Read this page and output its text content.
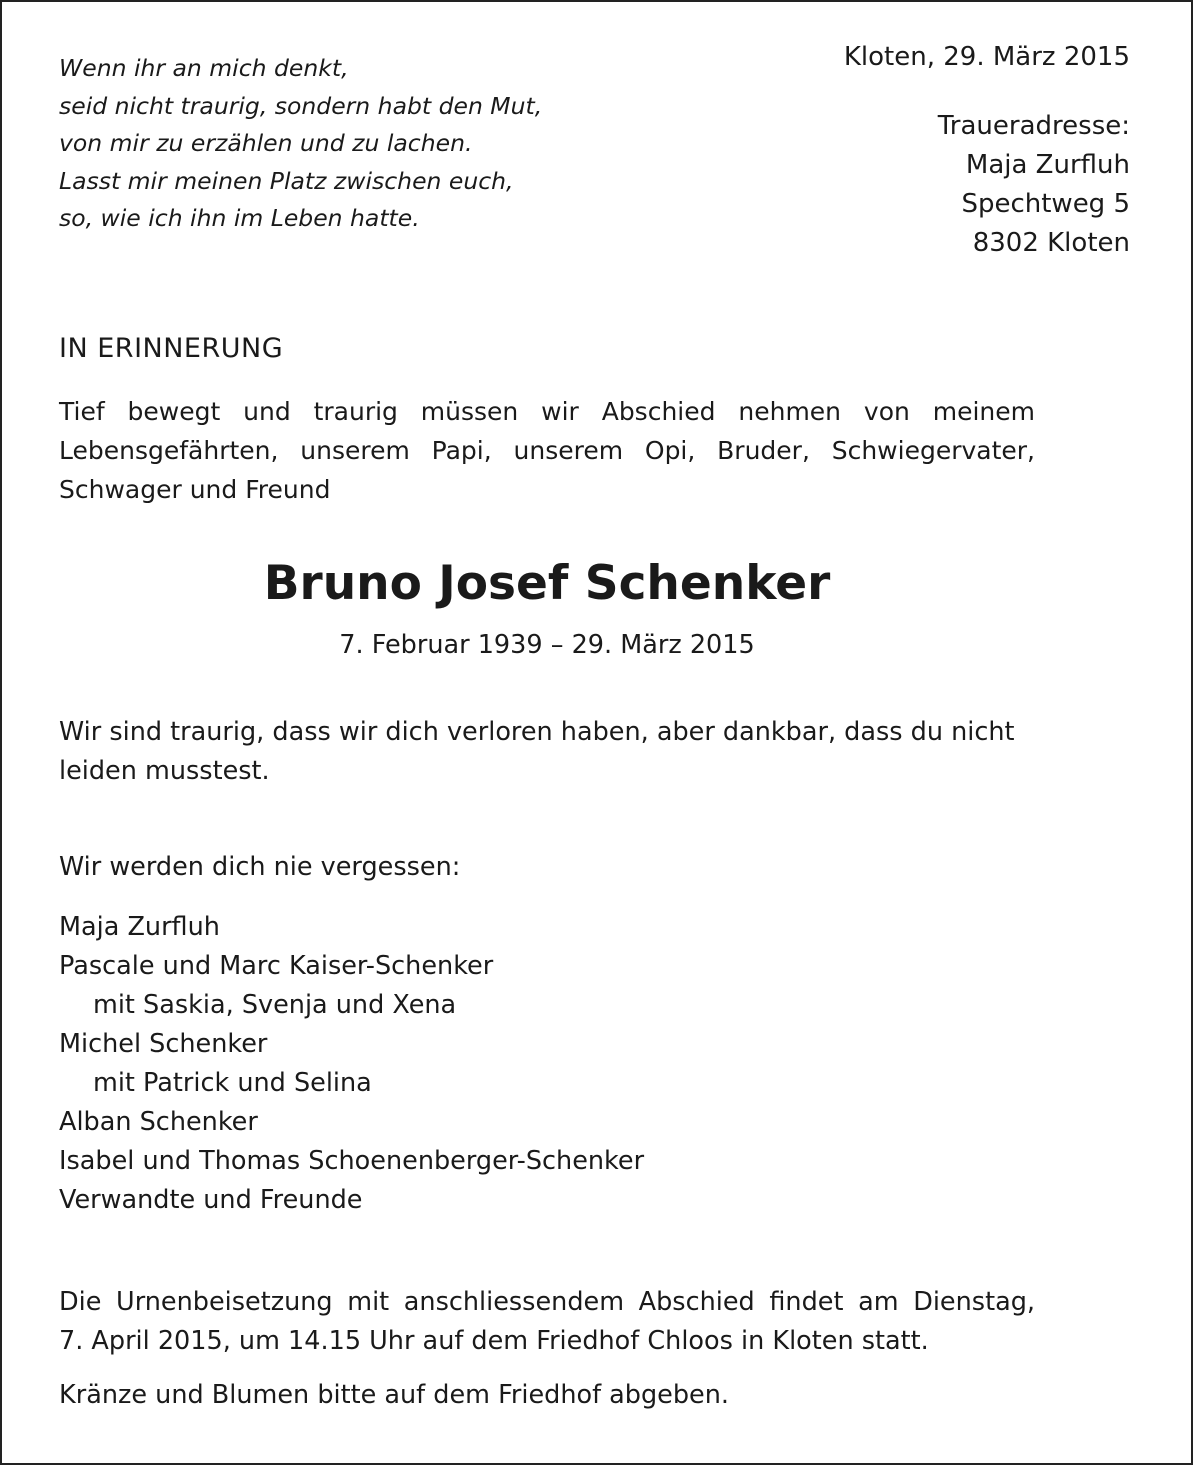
Wenn ihr an mich denkt,
seid nicht traurig, sondern habt den Mut,
von mir zu erzählen und zu lachen.
Lasst mir meinen Platz zwischen euch,
so, wie ich ihn im Leben hatte.
Kloten, 29. März 2015
Traueradresse:
Maja Zurfluh
Spechtweg 5
8302 Kloten
IN ERINNERUNG
Tief bewegt und traurig müssen wir Abschied nehmen von meinem
Lebensgefährten, unserem Papi, unserem Opi, Bruder, Schwiegervater,
Schwager und Freund
Bruno Josef Schenker
7. Februar 1939 – 29. März 2015
Wir sind traurig, dass wir dich verloren haben, aber dankbar, dass du nicht
leiden musstest.
Wir werden dich nie vergessen:
Maja Zurfluh
Pascale und Marc Kaiser-Schenker
mit Saskia, Svenja und Xena
Michel Schenker
mit Patrick und Selina
Alban Schenker
Isabel und Thomas Schoenenberger-Schenker
Verwandte und Freunde
Die Urnenbeisetzung mit anschliessendem Abschied findet am Dienstag,
7. April 2015, um 14.15 Uhr auf dem Friedhof Chloos in Kloten statt.
Kränze und Blumen bitte auf dem Friedhof abgeben.
